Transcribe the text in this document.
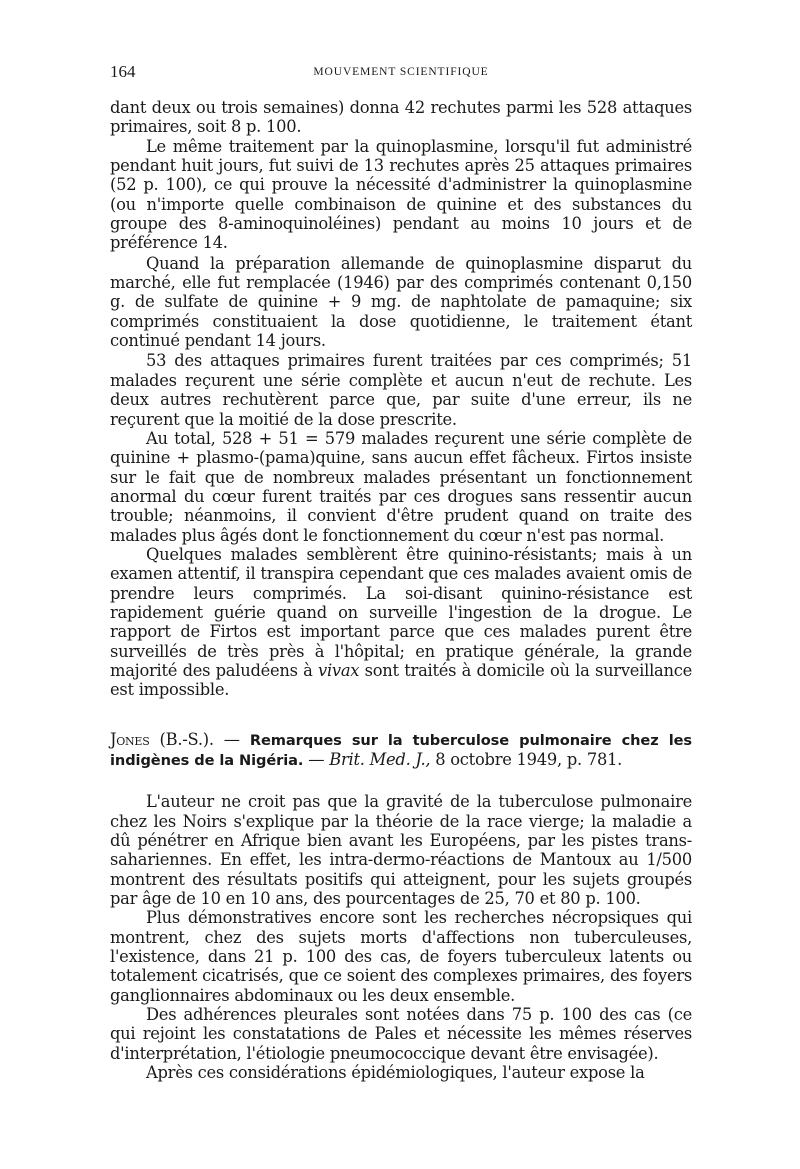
164	MOUVEMENT SCIENTIFIQUE

dant deux ou trois semaines) donna 42 rechutes parmi les 528 attaques primaires, soit 8 p. 100.

Le même traitement par la quinoplasmine, lorsqu'il fut administré pendant huit jours, fut suivi de 13 rechutes après 25 attaques primaires (52 p. 100), ce qui prouve la nécessité d'administrer la quinoplasmine (ou n'importe quelle combinaison de quinine et des substances du groupe des 8-aminoquinoléines) pendant au moins 10 jours et de préférence 14.

Quand la préparation allemande de quinoplasmine disparut du marché, elle fut remplacée (1946) par des comprimés contenant 0,150 g. de sulfate de quinine + 9 mg. de naphtolate de pamaquine; six comprimés constituaient la dose quotidienne, le traitement étant continué pendant 14 jours.

53 des attaques primaires furent traitées par ces comprimés; 51 malades reçurent une série complète et aucun n'eut de rechute. Les deux autres rechutèrent parce que, par suite d'une erreur, ils ne reçurent que la moitié de la dose prescrite.

Au total, 528 + 51 = 579 malades reçurent une série complète de quinine + plasmo-(pama)quine, sans aucun effet fâcheux. Firtos insiste sur le fait que de nombreux malades présentant un fonctionnement anormal du cœur furent traités par ces drogues sans ressentir aucun trouble; néanmoins, il convient d'être prudent quand on traite des malades plus âgés dont le fonctionnement du cœur n'est pas normal.

Quelques malades semblèrent être quinino-résistants; mais à un examen attentif, il transpira cependant que ces malades avaient omis de prendre leurs comprimés. La soi-disant quinino-résistance est rapidement guérie quand on surveille l'ingestion de la drogue. Le rapport de Firtos est important parce que ces malades purent être surveillés de très près à l'hôpital; en pratique générale, la grande majorité des paludéens à vivax sont traités à domicile où la surveillance est impossible.

Jones (B.-S.). — Remarques sur la tuberculose pulmonaire chez les indigènes de la Nigéria. — Brit. Med. J., 8 octobre 1949, p. 781.

L'auteur ne croit pas que la gravité de la tuberculose pulmonaire chez les Noirs s'explique par la théorie de la race vierge; la maladie a dû pénétrer en Afrique bien avant les Européens, par les pistes trans-sahariennes. En effet, les intra-dermo-réactions de Mantoux au 1/500 montrent des résultats positifs qui atteignent, pour les sujets groupés par âge de 10 en 10 ans, des pourcentages de 25, 70 et 80 p. 100.

Plus démonstratives encore sont les recherches nécropsiques qui montrent, chez des sujets morts d'affections non tuberculeuses, l'existence, dans 21 p. 100 des cas, de foyers tuberculeux latents ou totalement cicatrisés, que ce soient des complexes primaires, des foyers ganglionnaires abdominaux ou les deux ensemble.

Des adhérences pleurales sont notées dans 75 p. 100 des cas (ce qui rejoint les constatations de Pales et nécessite les mêmes réserves d'interprétation, l'étiologie pneumococcique devant être envisagée).

Après ces considérations épidémiologiques, l'auteur expose la
